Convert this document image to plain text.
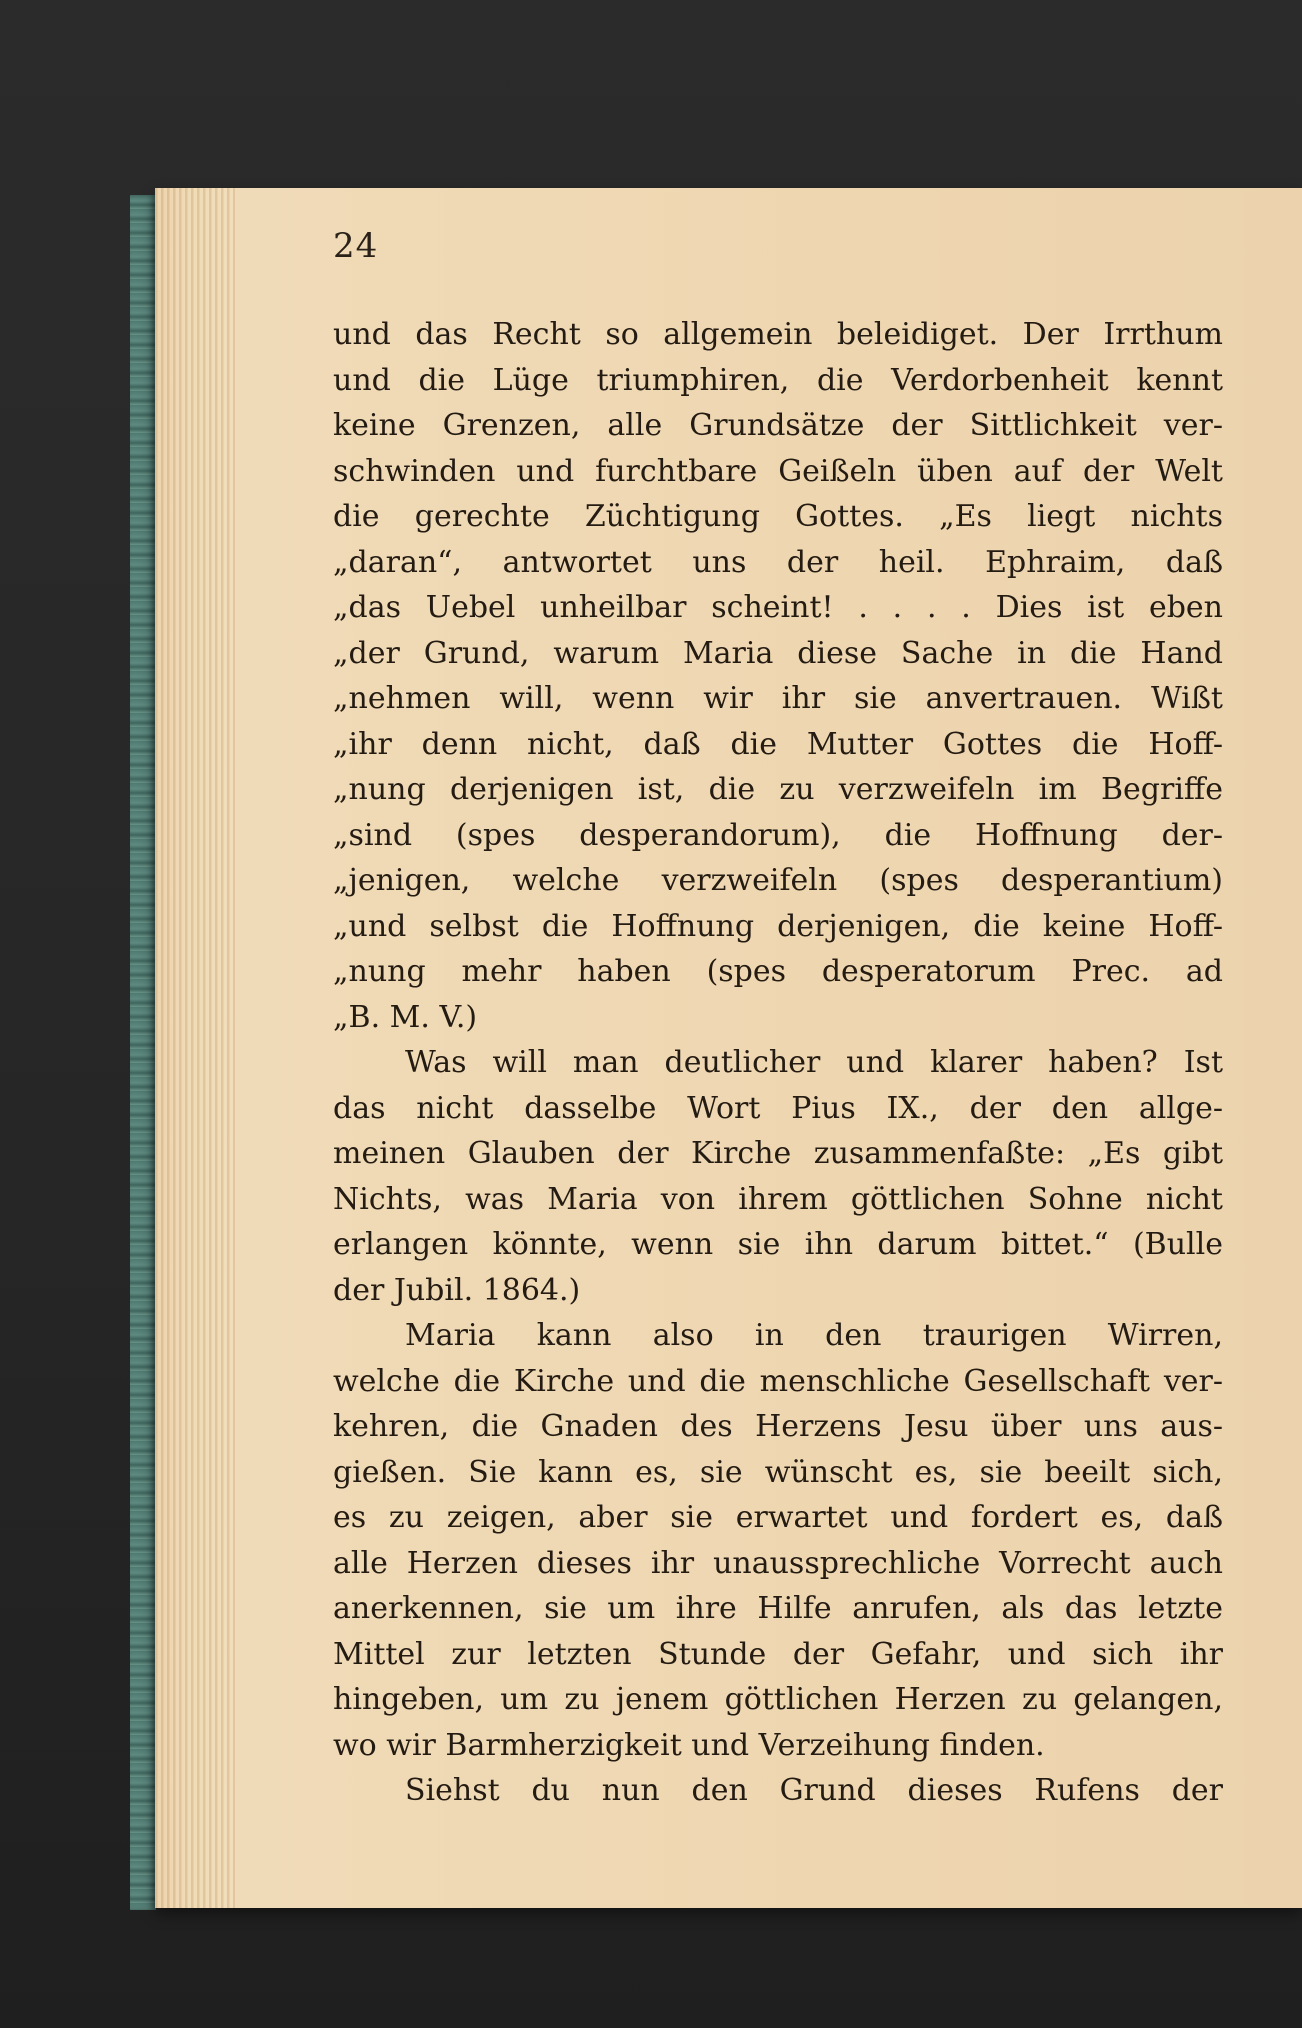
24
und das Recht so allgemein beleidiget. Der Irrthum
und die Lüge triumphiren, die Verdorbenheit kennt
keine Grenzen, alle Grundsätze der Sittlichkeit ver-
schwinden und furchtbare Geißeln üben auf der Welt
die gerechte Züchtigung Gottes. „Es liegt nichts
„daran“, antwortet uns der heil. Ephraim, daß
„das Uebel unheilbar scheint! . . . . Dies ist eben
„der Grund, warum Maria diese Sache in die Hand
„nehmen will, wenn wir ihr sie anvertrauen. Wißt
„ihr denn nicht, daß die Mutter Gottes die Hoff-
„nung derjenigen ist, die zu verzweifeln im Begriffe
„sind (spes desperandorum), die Hoffnung der-
„jenigen, welche verzweifeln (spes desperantium)
„und selbst die Hoffnung derjenigen, die keine Hoff-
„nung mehr haben (spes desperatorum Prec. ad
„B. M. V.)
Was will man deutlicher und klarer haben? Ist
das nicht dasselbe Wort Pius IX., der den allge-
meinen Glauben der Kirche zusammenfaßte: „Es gibt
Nichts, was Maria von ihrem göttlichen Sohne nicht
erlangen könnte, wenn sie ihn darum bittet.“ (Bulle
der Jubil. 1864.)
Maria kann also in den traurigen Wirren,
welche die Kirche und die menschliche Gesellschaft ver-
kehren, die Gnaden des Herzens Jesu über uns aus-
gießen. Sie kann es, sie wünscht es, sie beeilt sich,
es zu zeigen, aber sie erwartet und fordert es, daß
alle Herzen dieses ihr unaussprechliche Vorrecht auch
anerkennen, sie um ihre Hilfe anrufen, als das letzte
Mittel zur letzten Stunde der Gefahr, und sich ihr
hingeben, um zu jenem göttlichen Herzen zu gelangen,
wo wir Barmherzigkeit und Verzeihung finden.
Siehst du nun den Grund dieses Rufens der
